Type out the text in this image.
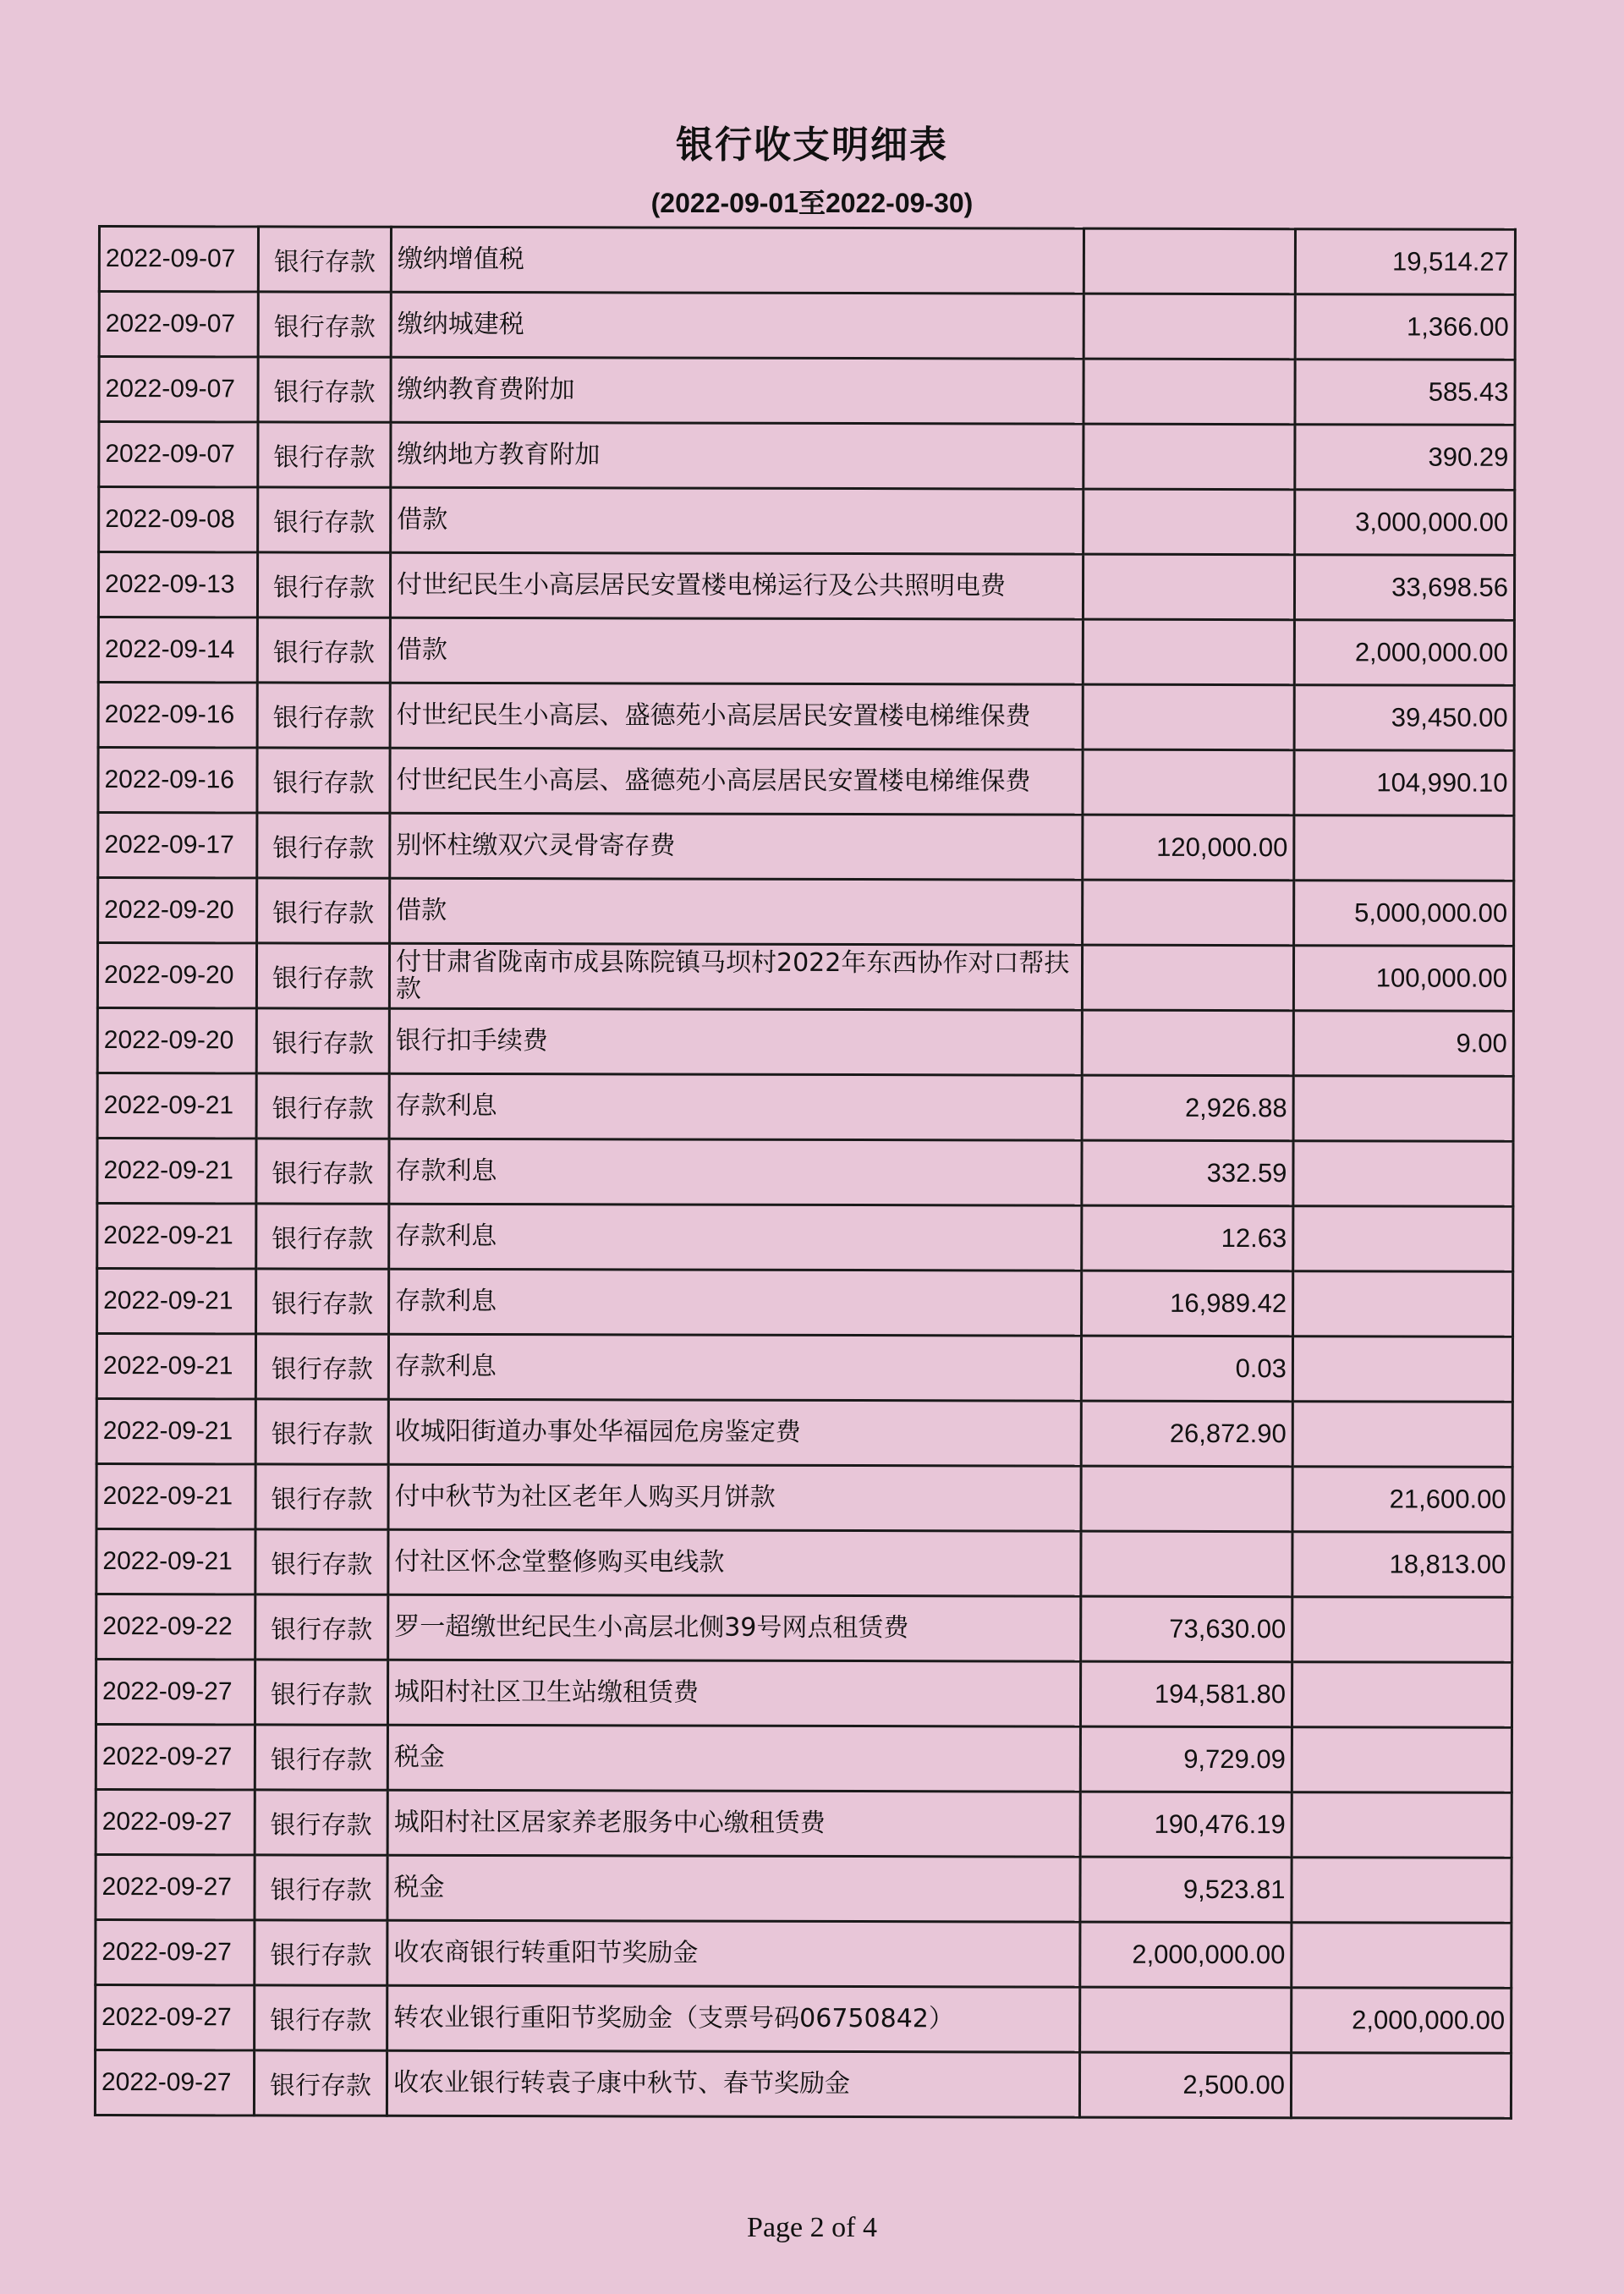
银行收支明细表
(2022-09-01至2022-09-30)
2022-09-07	银行存款	缴纳增值税		19,514.27
2022-09-07	银行存款	缴纳城建税		1,366.00
2022-09-07	银行存款	缴纳教育费附加		585.43
2022-09-07	银行存款	缴纳地方教育附加		390.29
2022-09-08	银行存款	借款		3,000,000.00
2022-09-13	银行存款	付世纪民生小高层居民安置楼电梯运行及公共照明电费		33,698.56
2022-09-14	银行存款	借款		2,000,000.00
2022-09-16	银行存款	付世纪民生小高层、盛德苑小高层居民安置楼电梯维保费		39,450.00
2022-09-16	银行存款	付世纪民生小高层、盛德苑小高层居民安置楼电梯维保费		104,990.10
2022-09-17	银行存款	别怀柱缴双穴灵骨寄存费	120,000.00	
2022-09-20	银行存款	借款		5,000,000.00
2022-09-20	银行存款	付甘肃省陇南市成县陈院镇马坝村2022年东西协作对口帮扶款		100,000.00
2022-09-20	银行存款	银行扣手续费		9.00
2022-09-21	银行存款	存款利息	2,926.88	
2022-09-21	银行存款	存款利息	332.59	
2022-09-21	银行存款	存款利息	12.63	
2022-09-21	银行存款	存款利息	16,989.42	
2022-09-21	银行存款	存款利息	0.03	
2022-09-21	银行存款	收城阳街道办事处华福园危房鉴定费	26,872.90	
2022-09-21	银行存款	付中秋节为社区老年人购买月饼款		21,600.00
2022-09-21	银行存款	付社区怀念堂整修购买电线款		18,813.00
2022-09-22	银行存款	罗一超缴世纪民生小高层北侧39号网点租赁费	73,630.00	
2022-09-27	银行存款	城阳村社区卫生站缴租赁费	194,581.80	
2022-09-27	银行存款	税金	9,729.09	
2022-09-27	银行存款	城阳村社区居家养老服务中心缴租赁费	190,476.19	
2022-09-27	银行存款	税金	9,523.81	
2022-09-27	银行存款	收农商银行转重阳节奖励金	2,000,000.00	
2022-09-27	银行存款	转农业银行重阳节奖励金（支票号码06750842）		2,000,000.00
2022-09-27	银行存款	收农业银行转袁子康中秋节、春节奖励金	2,500.00	
Page 2 of 4
